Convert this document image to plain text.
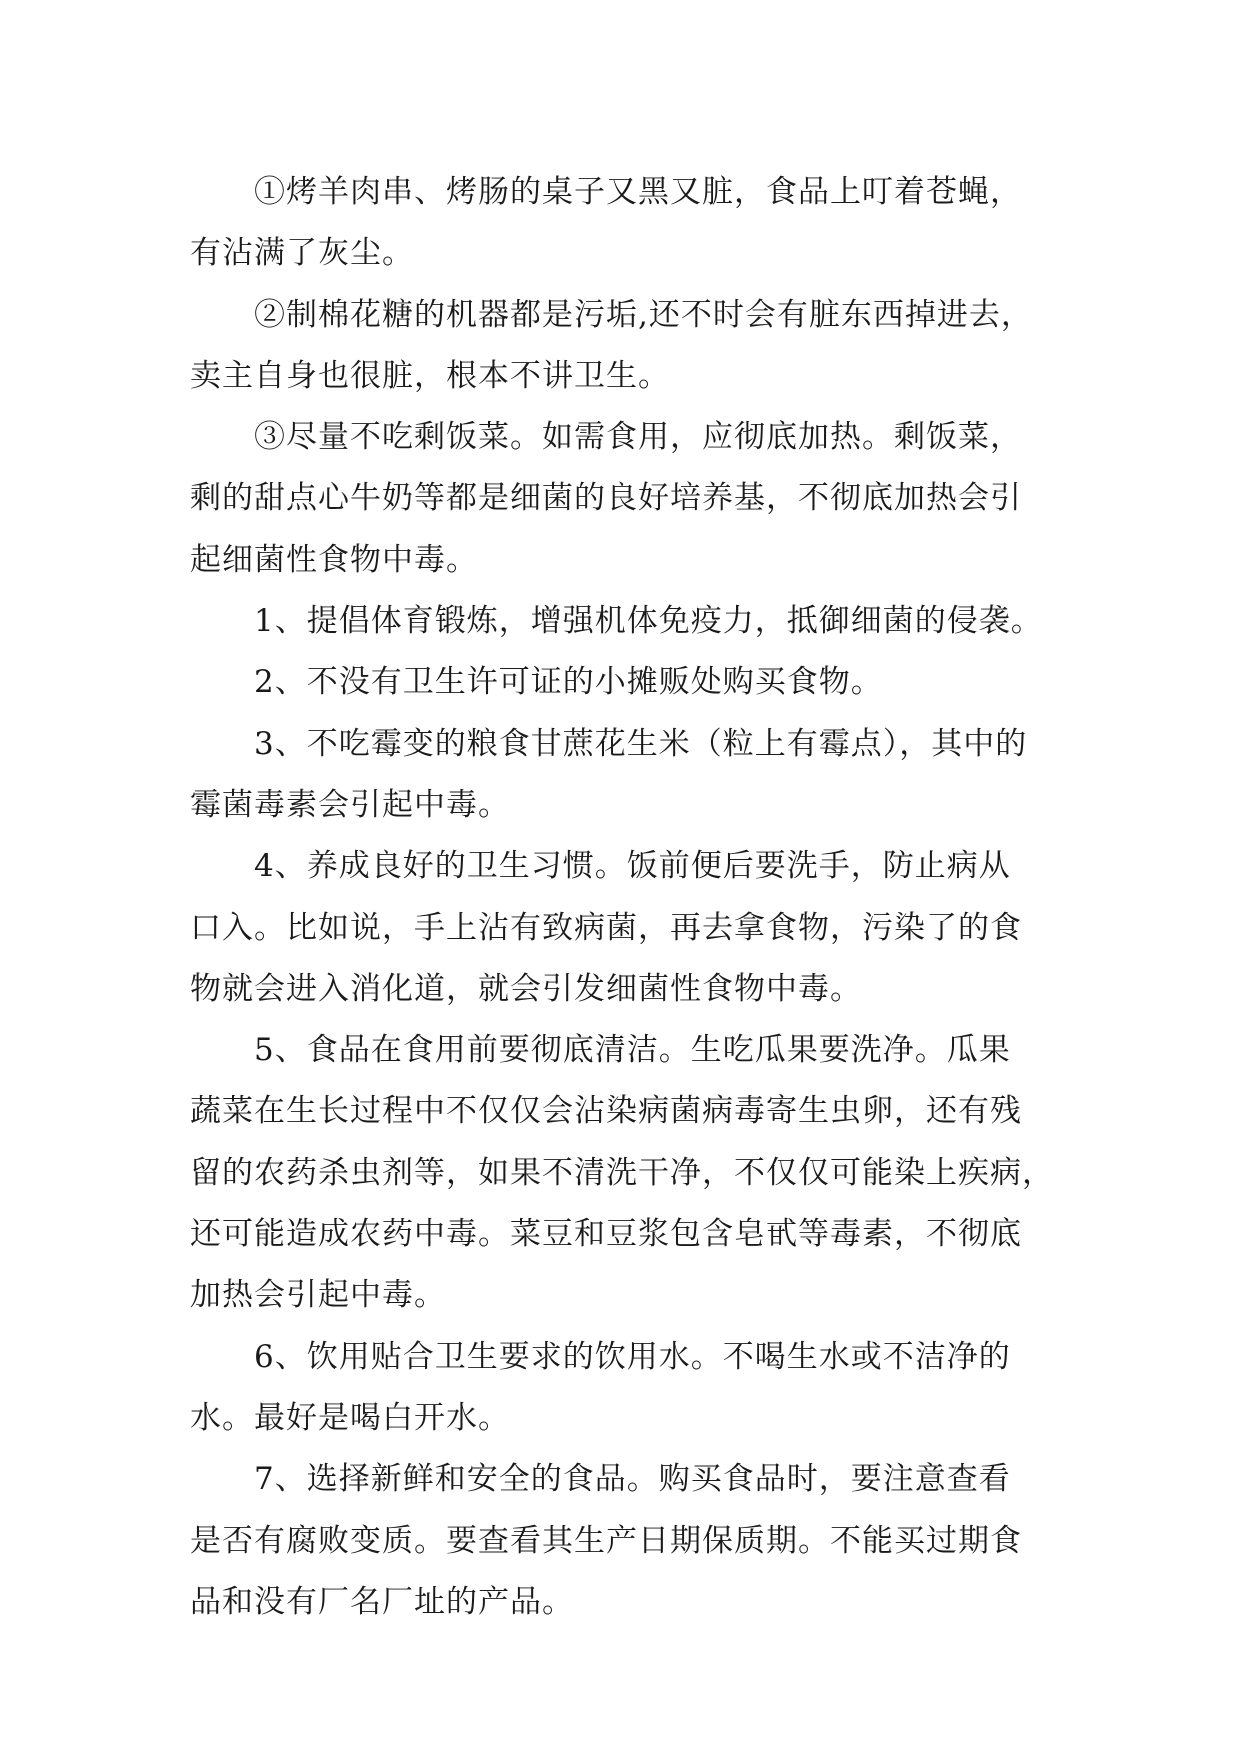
①烤羊肉串、烤肠的桌子又黑又脏，食品上叮着苍蝇，
有沾满了灰尘。
②制棉花糖的机器都是污垢,还不时会有脏东西掉进去，
卖主自身也很脏，根本不讲卫生。
③尽量不吃剩饭菜。如需食用，应彻底加热。剩饭菜，
剩的甜点心牛奶等都是细菌的良好培养基，不彻底加热会引
起细菌性食物中毒。
1、提倡体育锻炼，增强机体免疫力，抵御细菌的侵袭。
2、不没有卫生许可证的小摊贩处购买食物。
3、不吃霉变的粮食甘蔗花生米（粒上有霉点），其中的
霉菌毒素会引起中毒。
4、养成良好的卫生习惯。饭前便后要洗手，防止病从
口入。比如说，手上沾有致病菌，再去拿食物，污染了的食
物就会进入消化道，就会引发细菌性食物中毒。
5、食品在食用前要彻底清洁。生吃瓜果要洗净。瓜果
蔬菜在生长过程中不仅仅会沾染病菌病毒寄生虫卵，还有残
留的农药杀虫剂等，如果不清洗干净，不仅仅可能染上疾病，
还可能造成农药中毒。菜豆和豆浆包含皂甙等毒素，不彻底
加热会引起中毒。
6、饮用贴合卫生要求的饮用水。不喝生水或不洁净的
水。最好是喝白开水。
7、选择新鲜和安全的食品。购买食品时，要注意查看
是否有腐败变质。要查看其生产日期保质期。不能买过期食
品和没有厂名厂址的产品。
